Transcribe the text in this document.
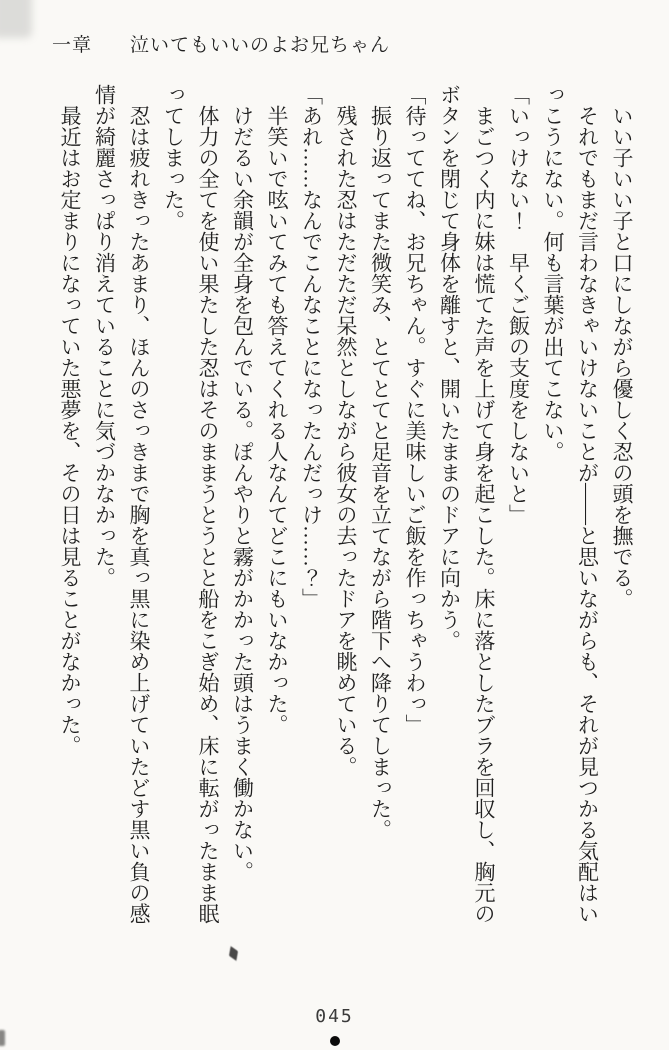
一章 泣いてもいいのよお兄ちゃん

いい子いい子と口にしながら優しく忍の頭を撫でる。

それでもまだ言わなきゃいけないことが――と思いながらも、それが見つかる気配はいっこうにない。何も言葉が出てこない。

「いっけない！　早くご飯の支度をしないと」

まごつく内に妹は慌てた声を上げて身を起こした。床に落としたブラを回収し、胸元のボタンを閉じて身体を離すと、開いたままのドアに向かう。

「待っててね、お兄ちゃん。すぐに美味しいご飯を作っちゃうわっ」

振り返ってまた微笑み、とてとてと足音を立てながら階下へ降りてしまった。

残された忍はただただ呆然としながら彼女の去ったドアを眺めている。

「あれ……なんでこんなことになったんだっけ……？」

半笑いで呟いてみても答えてくれる人なんてどこにもいなかった。

けだるい余韻が全身を包んでいる。ぽんやりと霧がかかった頭はうまく働かない。

体力の全てを使い果たした忍はそのままうとうとと船をこぎ始め、床に転がったまま眠ってしまった。

忍は疲れきったあまり、ほんのさっきまで胸を真っ黒に染め上げていたどす黒い負の感情が綺麗さっぱり消えていることに気づかなかった。

最近はお定まりになっていた悪夢を、その日は見ることがなかった。

045
